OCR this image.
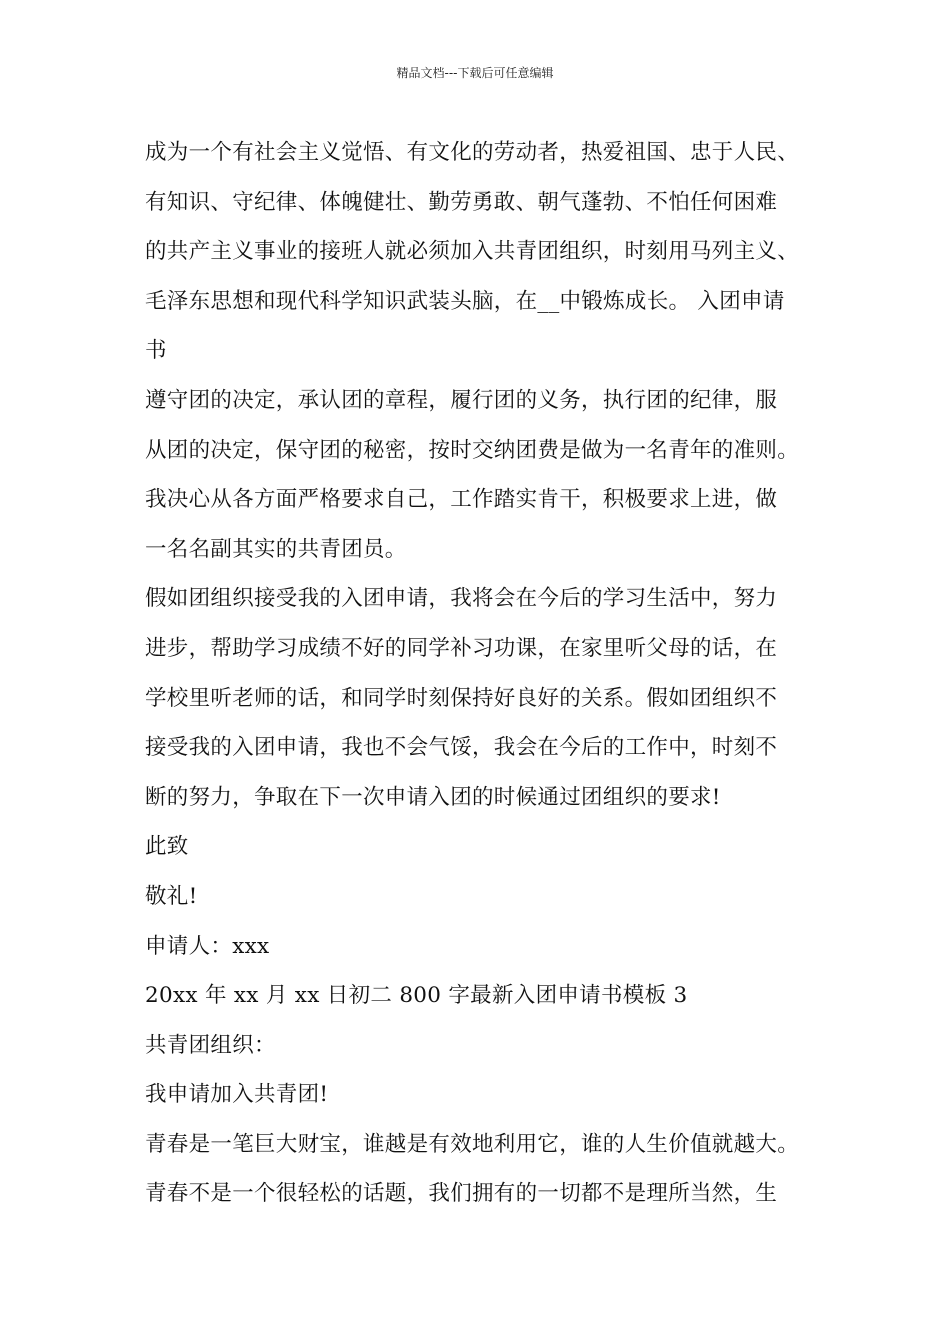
精品文档---下载后可任意编辑
成为一个有社会主义觉悟、有文化的劳动者，热爱祖国、忠于人民、
有知识、守纪律、体魄健壮、勤劳勇敢、朝气蓬勃、不怕任何困难
的共产主义事业的接班人就必须加入共青团组织，时刻用马列主义、
毛泽东思想和现代科学知识武装头脑，在__中锻炼成长。 入团申请
书
遵守团的决定，承认团的章程，履行团的义务，执行团的纪律，服
从团的决定，保守团的秘密，按时交纳团费是做为一名青年的准则。
我决心从各方面严格要求自己，工作踏实肯干，积极要求上进，做
一名名副其实的共青团员。
假如团组织接受我的入团申请，我将会在今后的学习生活中，努力
进步，帮助学习成绩不好的同学补习功课，在家里听父母的话，在
学校里听老师的话，和同学时刻保持好良好的关系。假如团组织不
接受我的入团申请，我也不会气馁，我会在今后的工作中，时刻不
断的努力，争取在下一次申请入团的时候通过团组织的要求!
此致
敬礼!
申请人：xxx
20xx 年 xx 月 xx 日初二 800 字最新入团申请书模板 3
共青团组织：
我申请加入共青团!
青春是一笔巨大财宝，谁越是有效地利用它，谁的人生价值就越大。
青春不是一个很轻松的话题，我们拥有的一切都不是理所当然，生
